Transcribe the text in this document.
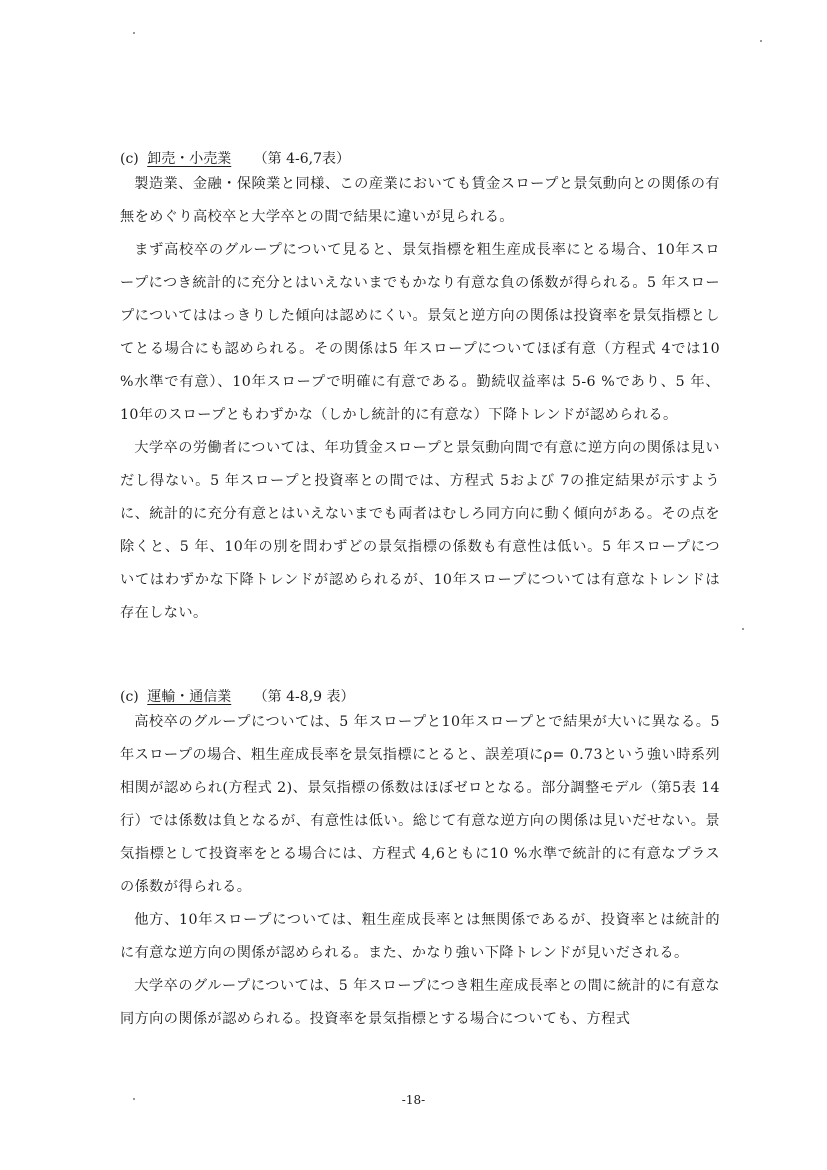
(c) 卸売・小売業 （第 4-6,7表）

製造業、金融・保険業と同様、この産業においても賃金スロープと景気動向との関係の有無をめぐり高校卒と大学卒との間で結果に違いが見られる。

まず高校卒のグループについて見ると、景気指標を粗生産成長率にとる場合、10年スロープにつき統計的に充分とはいえないまでもかなり有意な負の係数が得られる。5 年スロープについてははっきりした傾向は認めにくい。景気と逆方向の関係は投資率を景気指標としてとる場合にも認められる。その関係は5 年スロープについてほぼ有意（方程式 4では10 %水準で有意）、10年スロープで明確に有意である。勤続収益率は 5-6 %であり、5 年、10年のスロープともわずかな（しかし統計的に有意な）下降トレンドが認められる。

大学卒の労働者については、年功賃金スロープと景気動向間で有意に逆方向の関係は見いだし得ない。5 年スロープと投資率との間では、方程式 5および 7の推定結果が示すように、統計的に充分有意とはいえないまでも両者はむしろ同方向に動く傾向がある。その点を除くと、5 年、10年の別を問わずどの景気指標の係数も有意性は低い。5 年スロープについてはわずかな下降トレンドが認められるが、10年スロープについては有意なトレンドは存在しない。

(c) 運輸・通信業 （第 4-8,9 表）

高校卒のグループについては、5 年スロープと10年スロープとで結果が大いに異なる。5 年スロープの場合、粗生産成長率を景気指標にとると、誤差項にρ= 0.73という強い時系列相関が認められ(方程式 2)、景気指標の係数はほぼゼロとなる。部分調整モデル（第5表 14 行）では係数は負となるが、有意性は低い。総じて有意な逆方向の関係は見いだせない。景気指標として投資率をとる場合には、方程式 4,6ともに10 %水準で統計的に有意なプラスの係数が得られる。

他方、10年スロープについては、粗生産成長率とは無関係であるが、投資率とは統計的に有意な逆方向の関係が認められる。また、かなり強い下降トレンドが見いだされる。

大学卒のグループについては、5 年スロープにつき粗生産成長率との間に統計的に有意な同方向の関係が認められる。投資率を景気指標とする場合についても、方程式

-18-
